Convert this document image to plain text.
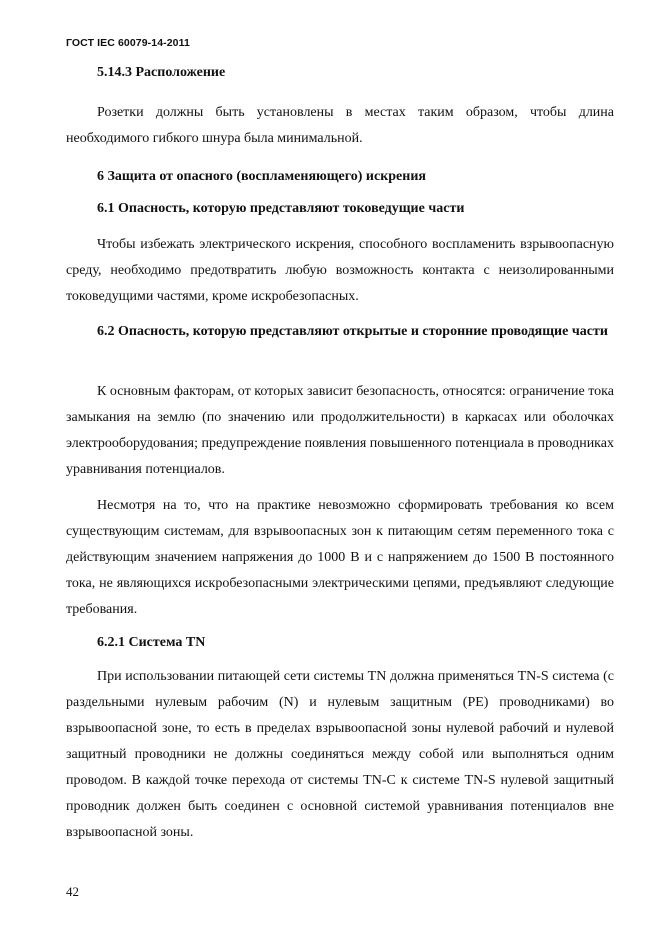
ГОСТ IEC 60079-14-2011
5.14.3 Расположение

Розетки должны быть установлены в местах таким образом, чтобы длина необходимого гибкого шнура была минимальной.

6 Защита от опасного (воспламеняющего) искрения
6.1 Опасность, которую представляют токоведущие части

Чтобы избежать электрического искрения, способного воспламенить взрывоопасную среду, необходимо предотвратить любую возможность контакта с неизолированными токоведущими частями, кроме искробезопасных.

6.2 Опасность, которую представляют открытые и сторонние проводящие части

К основным факторам, от которых зависит безопасность, относятся: ограничение тока замыкания на землю (по значению или продолжительности) в каркасах или оболочках электрооборудования; предупреждение появления повышенного потенциала в проводниках уравнивания потенциалов.

Несмотря на то, что на практике невозможно сформировать требования ко всем существующим системам, для взрывоопасных зон к питающим сетям переменного тока с действующим значением напряжения до 1000 В и с напряжением до 1500 В постоянного тока, не являющихся искробезопасными электрическими цепями, предъявляют следующие требования.

6.2.1 Система TN

При использовании питающей сети системы TN должна применяться TN-S система (с раздельными нулевым рабочим (N) и нулевым защитным (PE) проводниками) во взрывоопасной зоне, то есть в пределах взрывоопасной зоны нулевой рабочий и нулевой защитный проводники не должны соединяться между собой или выполняться одним проводом. В каждой точке перехода от системы TN-C к системе TN-S нулевой защитный проводник должен быть соединен с основной системой уравнивания потенциалов вне взрывоопасной зоны.

42
